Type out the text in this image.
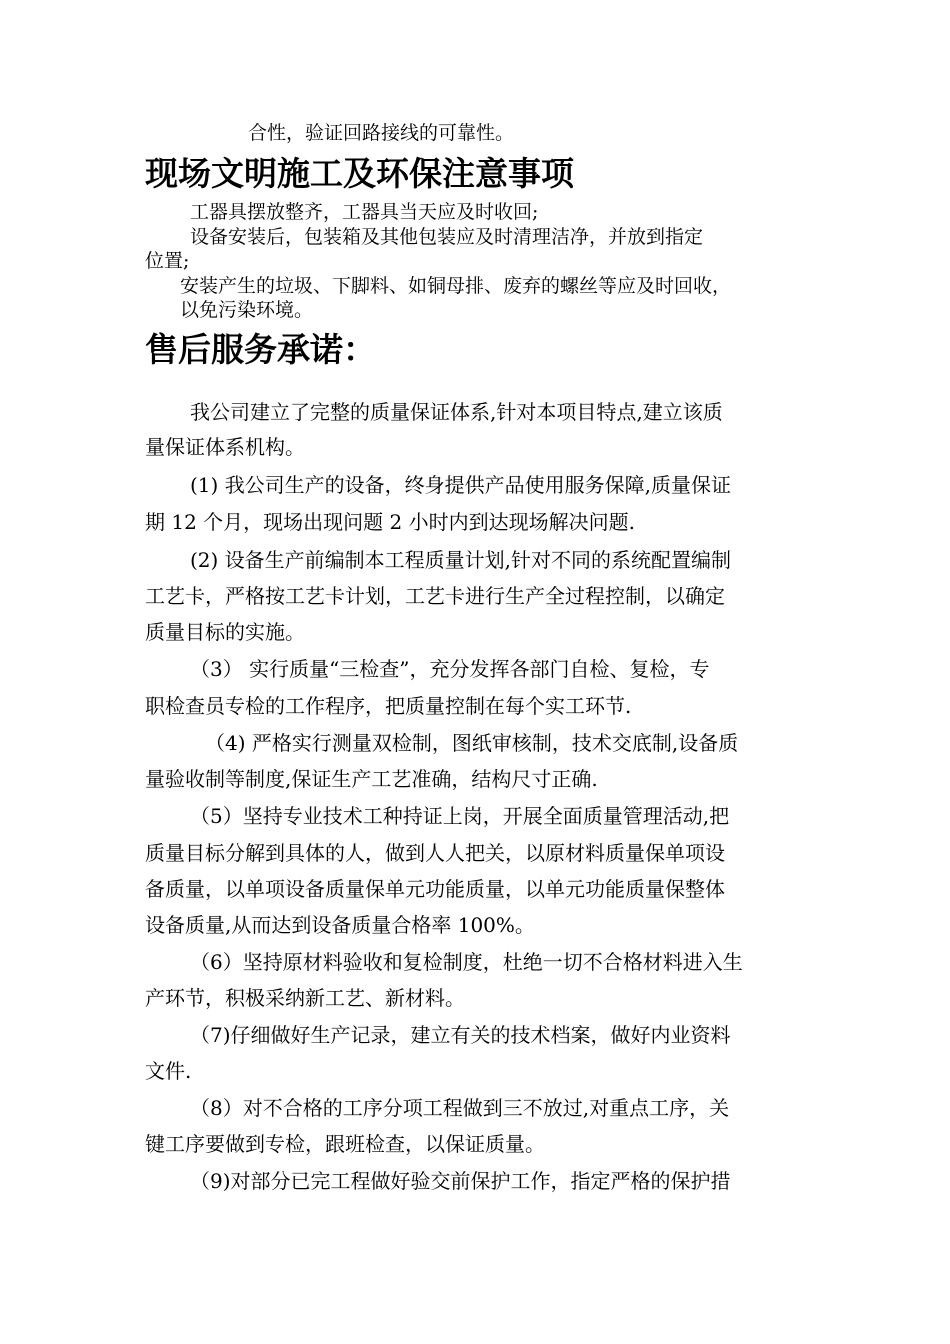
合性，验证回路接线的可靠性。
现场文明施工及环保注意事项
工器具摆放整齐，工器具当天应及时收回;
设备安装后，包装箱及其他包装应及时清理洁净，并放到指定
位置;
安装产生的垃圾、下脚料、如铜母排、废弃的螺丝等应及时回收，
以免污染环境。
售后服务承诺：
我公司建立了完整的质量保证体系,针对本项目特点,建立该质
量保证体系机构。
(1) 我公司生产的设备，终身提供产品使用服务保障,质量保证
期 12 个月，现场出现问题 2 小时内到达现场解决问题.
(2) 设备生产前编制本工程质量计划,针对不同的系统配置编制
工艺卡，严格按工艺卡计划，工艺卡进行生产全过程控制，以确定
质量目标的实施。
（3） 实行质量“三检查”，充分发挥各部门自检、复检，专
职检查员专检的工作程序，把质量控制在每个实工环节.
（4) 严格实行测量双检制，图纸审核制，技术交底制,设备质
量验收制等制度,保证生产工艺准确，结构尺寸正确.
（5）坚持专业技术工种持证上岗，开展全面质量管理活动,把
质量目标分解到具体的人，做到人人把关，以原材料质量保单项设
备质量，以单项设备质量保单元功能质量，以单元功能质量保整体
设备质量,从而达到设备质量合格率 100%。
（6）坚持原材料验收和复检制度，杜绝一切不合格材料进入生
产环节，积极采纳新工艺、新材料。
（7)仔细做好生产记录，建立有关的技术档案，做好内业资料
文件.
（8）对不合格的工序分项工程做到三不放过,对重点工序，关
键工序要做到专检，跟班检查，以保证质量。
（9)对部分已完工程做好验交前保护工作，指定严格的保护措
